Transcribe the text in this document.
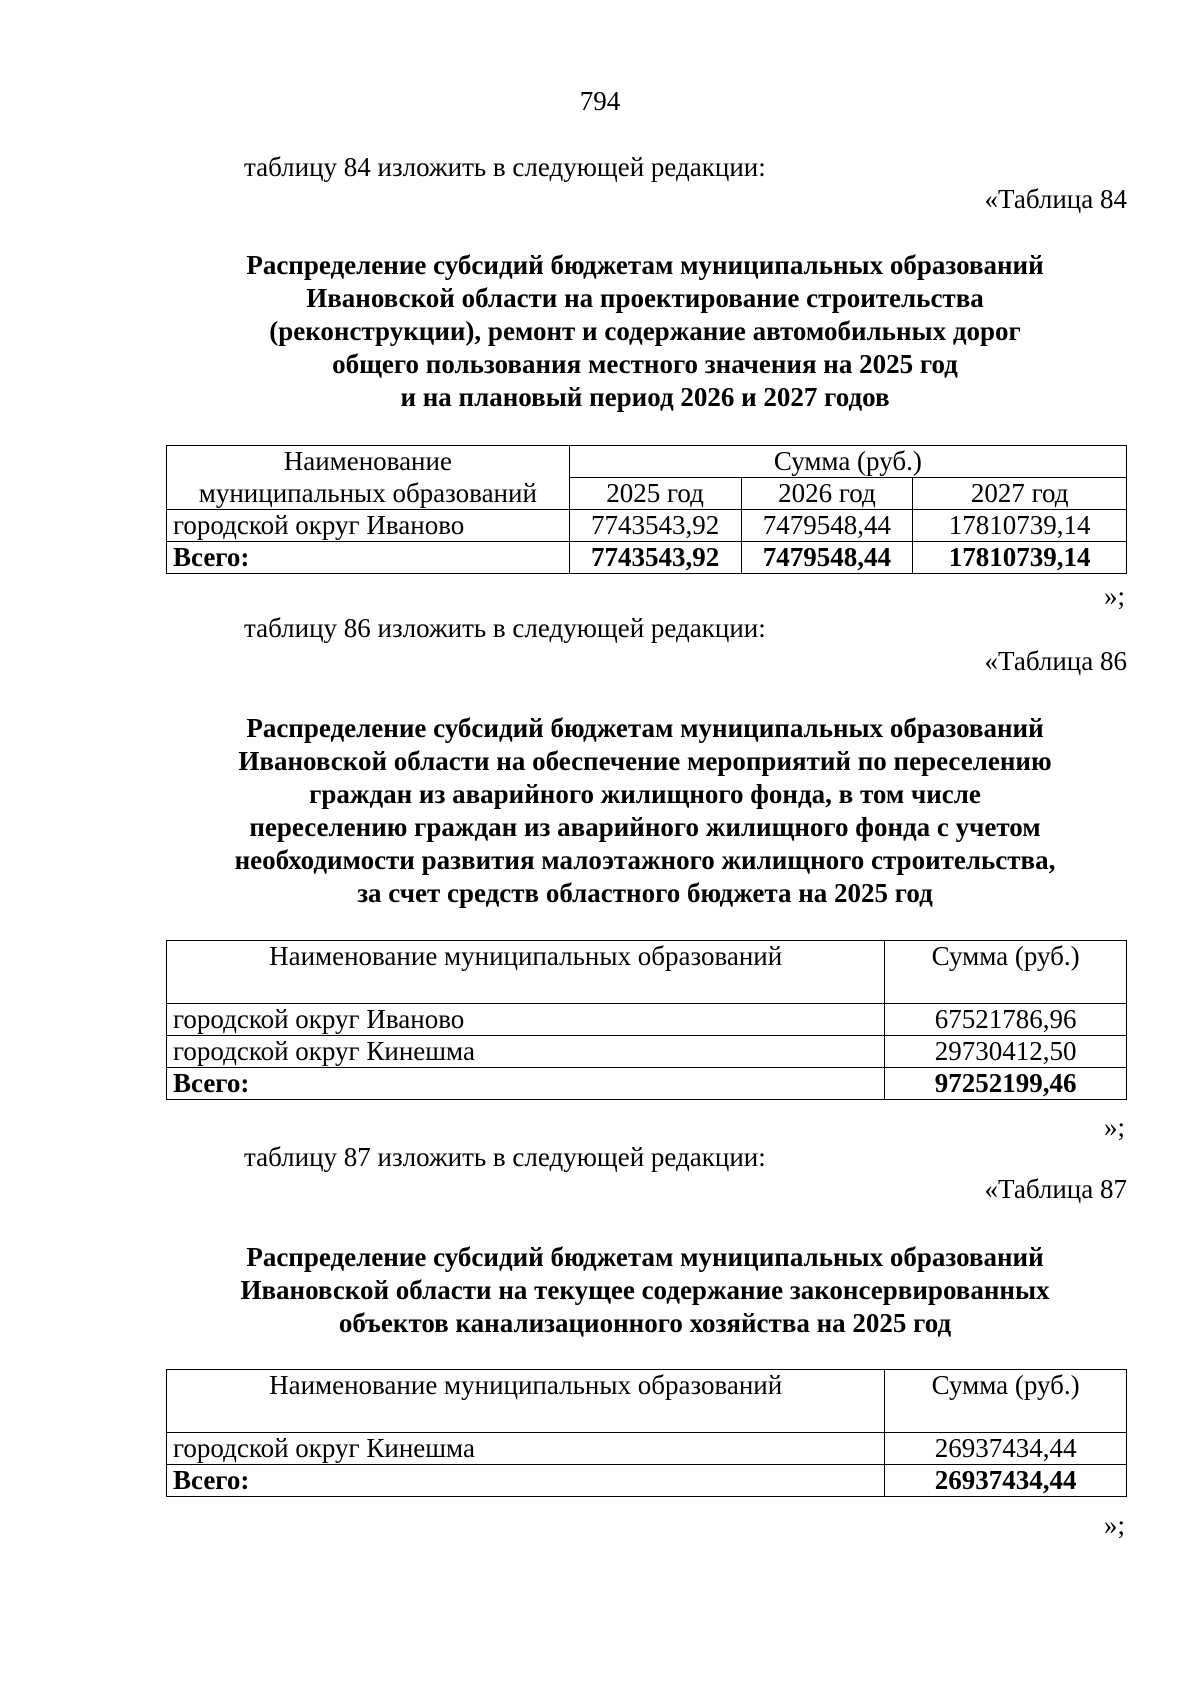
794
таблицу 84 изложить в следующей редакции:
«Таблица 84
Распределение субсидий бюджетам муниципальных образований
Ивановской области на проектирование строительства
(реконструкции), ремонт и содержание автомобильных дорог
общего пользования местного значения на 2025 год
и на плановый период 2026 и 2027 годов
Наименование	Сумма (руб.)		
муниципальных образований	2025 год	2026 год	2027 год
городской округ Иваново	7743543,92	7479548,44	17810739,14
Всего:	7743543,92	7479548,44	17810739,14
»;
таблицу 86 изложить в следующей редакции:
«Таблица 86
Распределение субсидий бюджетам муниципальных образований
Ивановской области на обеспечение мероприятий по переселению
граждан из аварийного жилищного фонда, в том числе
переселению граждан из аварийного жилищного фонда с учетом
необходимости развития малоэтажного жилищного строительства,
за счет средств областного бюджета на 2025 год
Наименование муниципальных образований	Сумма (руб.)
городской округ Иваново	67521786,96
городской округ Кинешма	29730412,50
Всего:	97252199,46
»;
таблицу 87 изложить в следующей редакции:
«Таблица 87
Распределение субсидий бюджетам муниципальных образований
Ивановской области на текущее содержание законсервированных
объектов канализационного хозяйства на 2025 год
Наименование муниципальных образований	Сумма (руб.)
городской округ Кинешма	26937434,44
Всего:	26937434,44
»;
